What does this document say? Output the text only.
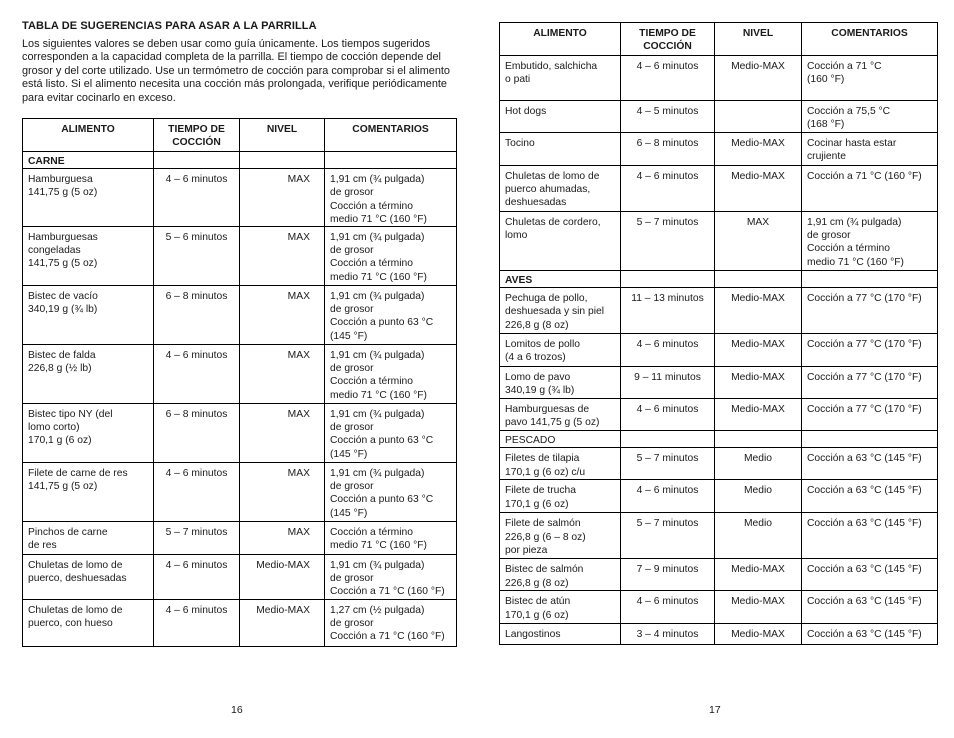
TABLA DE SUGERENCIAS PARA ASAR A LA PARRILLA
Los siguientes valores se deben usar como guía únicamente. Los tiempos sugeridos corresponden a la capacidad completa de la parrilla. El tiempo de cocción depende del grosor y del corte utilizado. Use un termómetro de cocción para comprobar si el alimento está listo. Si el alimento necesita una cocción más prolongada, verifique periódicamente para evitar cocinarlo en exceso.
ALIMENTO	TIEMPO DE COCCIÓN	NIVEL	COMENTARIOS
CARNE			
Hamburguesa
141,75 g (5 oz)	4 – 6 minutos	MAX	1,91 cm (¾ pulgada)
de grosor
Cocción a término
medio 71 °C (160 °F)
Hamburguesas
congeladas
141,75 g (5 oz)	5 – 6 minutos	MAX	1,91 cm (¾ pulgada)
de grosor
Cocción a término
medio 71 °C (160 °F)
Bistec de vacío
340,19 g (¾ lb)	6 – 8 minutos	MAX	1,91 cm (¾ pulgada)
de grosor
Cocción a punto 63 °C
(145 °F)
Bistec de falda
226,8 g (½ lb)	4 – 6 minutos	MAX	1,91 cm (¾ pulgada)
de grosor
Cocción a término
medio 71 °C (160 °F)
Bistec tipo NY (del
lomo corto)
170,1 g (6 oz)	6 – 8 minutos	MAX	1,91 cm (¾ pulgada)
de grosor
Cocción a punto 63 °C
(145 °F)
Filete de carne de res
141,75 g (5 oz)	4 – 6 minutos	MAX	1,91 cm (¾ pulgada)
de grosor
Cocción a punto 63 °C
(145 °F)
Pinchos de carne
de res	5 – 7 minutos	MAX	Cocción a término
medio 71 °C (160 °F)
Chuletas de lomo de
puerco, deshuesadas	4 – 6 minutos	Medio-MAX	1,91 cm (¾ pulgada)
de grosor
Cocción a 71 °C (160 °F)
Chuletas de lomo de
puerco, con hueso	4 – 6 minutos	Medio-MAX	1,27 cm (½ pulgada)
de grosor
Cocción a 71 °C (160 °F)
16
ALIMENTO	TIEMPO DE COCCIÓN	NIVEL	COMENTARIOS
Embutido, salchicha
o pati	4 – 6 minutos	Medio-MAX	Cocción a 71 °C
(160 °F)
Hot dogs	4 – 5 minutos		Cocción a 75,5 °C
(168 °F)
Tocino	6 – 8 minutos	Medio-MAX	Cocinar hasta estar
crujiente
Chuletas de lomo de
puerco ahumadas,
deshuesadas	4 – 6 minutos	Medio-MAX	Cocción a 71 °C (160 °F)
Chuletas de cordero,
lomo	5 – 7 minutos	MAX	1,91 cm (¾ pulgada)
de grosor
Cocción a término
medio 71 °C (160 °F)
AVES			
Pechuga de pollo,
deshuesada y sin piel
226,8 g (8 oz)	11 – 13 minutos	Medio-MAX	Cocción a 77 °C (170 °F)
Lomitos de pollo
(4 a 6 trozos)	4 – 6 minutos	Medio-MAX	Cocción a 77 °C (170 °F)
Lomo de pavo
340,19 g (¾ lb)	9 – 11 minutos	Medio-MAX	Cocción a 77 °C (170 °F)
Hamburguesas de
pavo 141,75 g (5 oz)	4 – 6 minutos	Medio-MAX	Cocción a 77 °C (170 °F)
PESCADO			
Filetes de tilapia
170,1 g (6 oz) c/u	5 – 7 minutos	Medio	Cocción a 63 °C (145 °F)
Filete de trucha
170,1 g (6 oz)	4 – 6 minutos	Medio	Cocción a 63 °C (145 °F)
Filete de salmón
226,8 g (6 – 8 oz)
por pieza	5 – 7 minutos	Medio	Cocción a 63 °C (145 °F)
Bistec de salmón
226,8 g (8 oz)	7 – 9 minutos	Medio-MAX	Cocción a 63 °C (145 °F)
Bistec de atún
170,1 g (6 oz)	4 – 6 minutos	Medio-MAX	Cocción a 63 °C (145 °F)
Langostinos	3 – 4 minutos	Medio-MAX	Cocción a 63 °C (145 °F)
17
